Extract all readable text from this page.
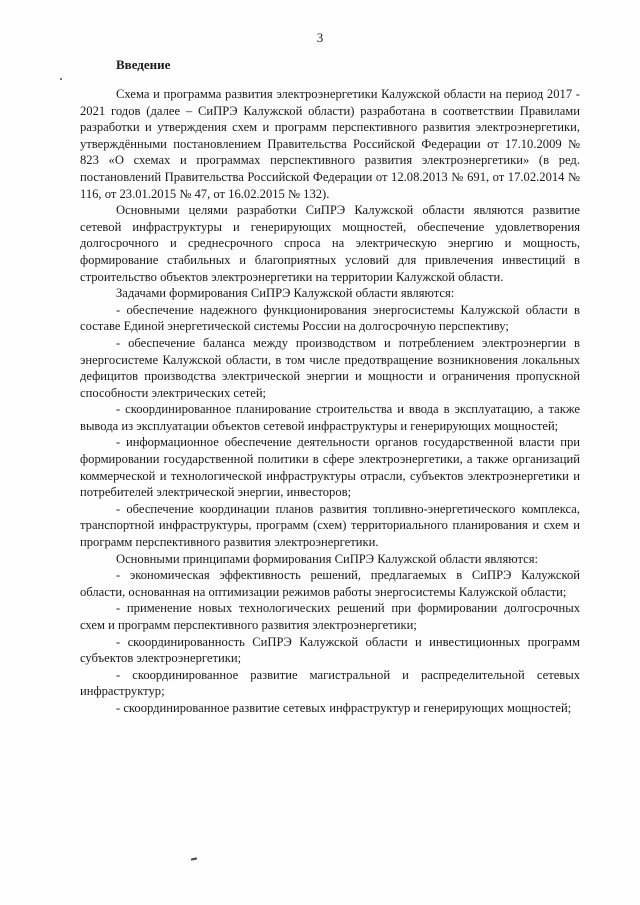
3
Введение

Схема и программа развития электроэнергетики Калужской области на период 2017 - 2021 годов (далее – СиПРЭ Калужской области) разработана в соответствии Правилами разработки и утверждения схем и программ перспективного развития электроэнергетики, утверждёнными постановлением Правительства Российской Федерации от 17.10.2009 № 823 «О схемах и программах перспективного развития электроэнергетики» (в ред. постановлений Правительства Российской Федерации от 12.08.2013 № 691, от 17.02.2014 № 116, от 23.01.2015 № 47, от 16.02.2015 № 132).

Основными целями разработки СиПРЭ Калужской области являются развитие сетевой инфраструктуры и генерирующих мощностей, обеспечение удовлетворения долгосрочного и среднесрочного спроса на электрическую энергию и мощность, формирование стабильных и благоприятных условий для привлечения инвестиций в строительство объектов электроэнергетики на территории Калужской области.

Задачами формирования СиПРЭ Калужской области являются:

- обеспечение надежного функционирования энергосистемы Калужской области в составе Единой энергетической системы России на долгосрочную перспективу;

- обеспечение баланса между производством и потреблением электроэнергии в энергосистеме Калужской области, в том числе предотвращение возникновения локальных дефицитов производства электрической энергии и мощности и ограничения пропускной способности электрических сетей;

- скоординированное планирование строительства и ввода в эксплуатацию, а также вывода из эксплуатации объектов сетевой инфраструктуры и генерирующих мощностей;

- информационное обеспечение деятельности органов государственной власти при формировании государственной политики в сфере электроэнергетики, а также организаций коммерческой и технологической инфраструктуры отрасли, субъектов электроэнергетики и потребителей электрической энергии, инвесторов;

- обеспечение координации планов развития топливно-энергетического комплекса, транспортной инфраструктуры, программ (схем) территориального планирования и схем и программ перспективного развития электроэнергетики.

Основными принципами формирования СиПРЭ Калужской области являются:

- экономическая эффективность решений, предлагаемых в СиПРЭ Калужской области, основанная на оптимизации режимов работы энергосистемы Калужской области;

- применение новых технологических решений при формировании долгосрочных схем и программ перспективного развития электроэнергетики;

- скоординированность СиПРЭ Калужской области и инвестиционных программ субъектов электроэнергетики;

- скоординированное развитие магистральной и распределительной сетевых инфраструктур;

- скоординированное развитие сетевых инфраструктур и генерирующих мощностей;
